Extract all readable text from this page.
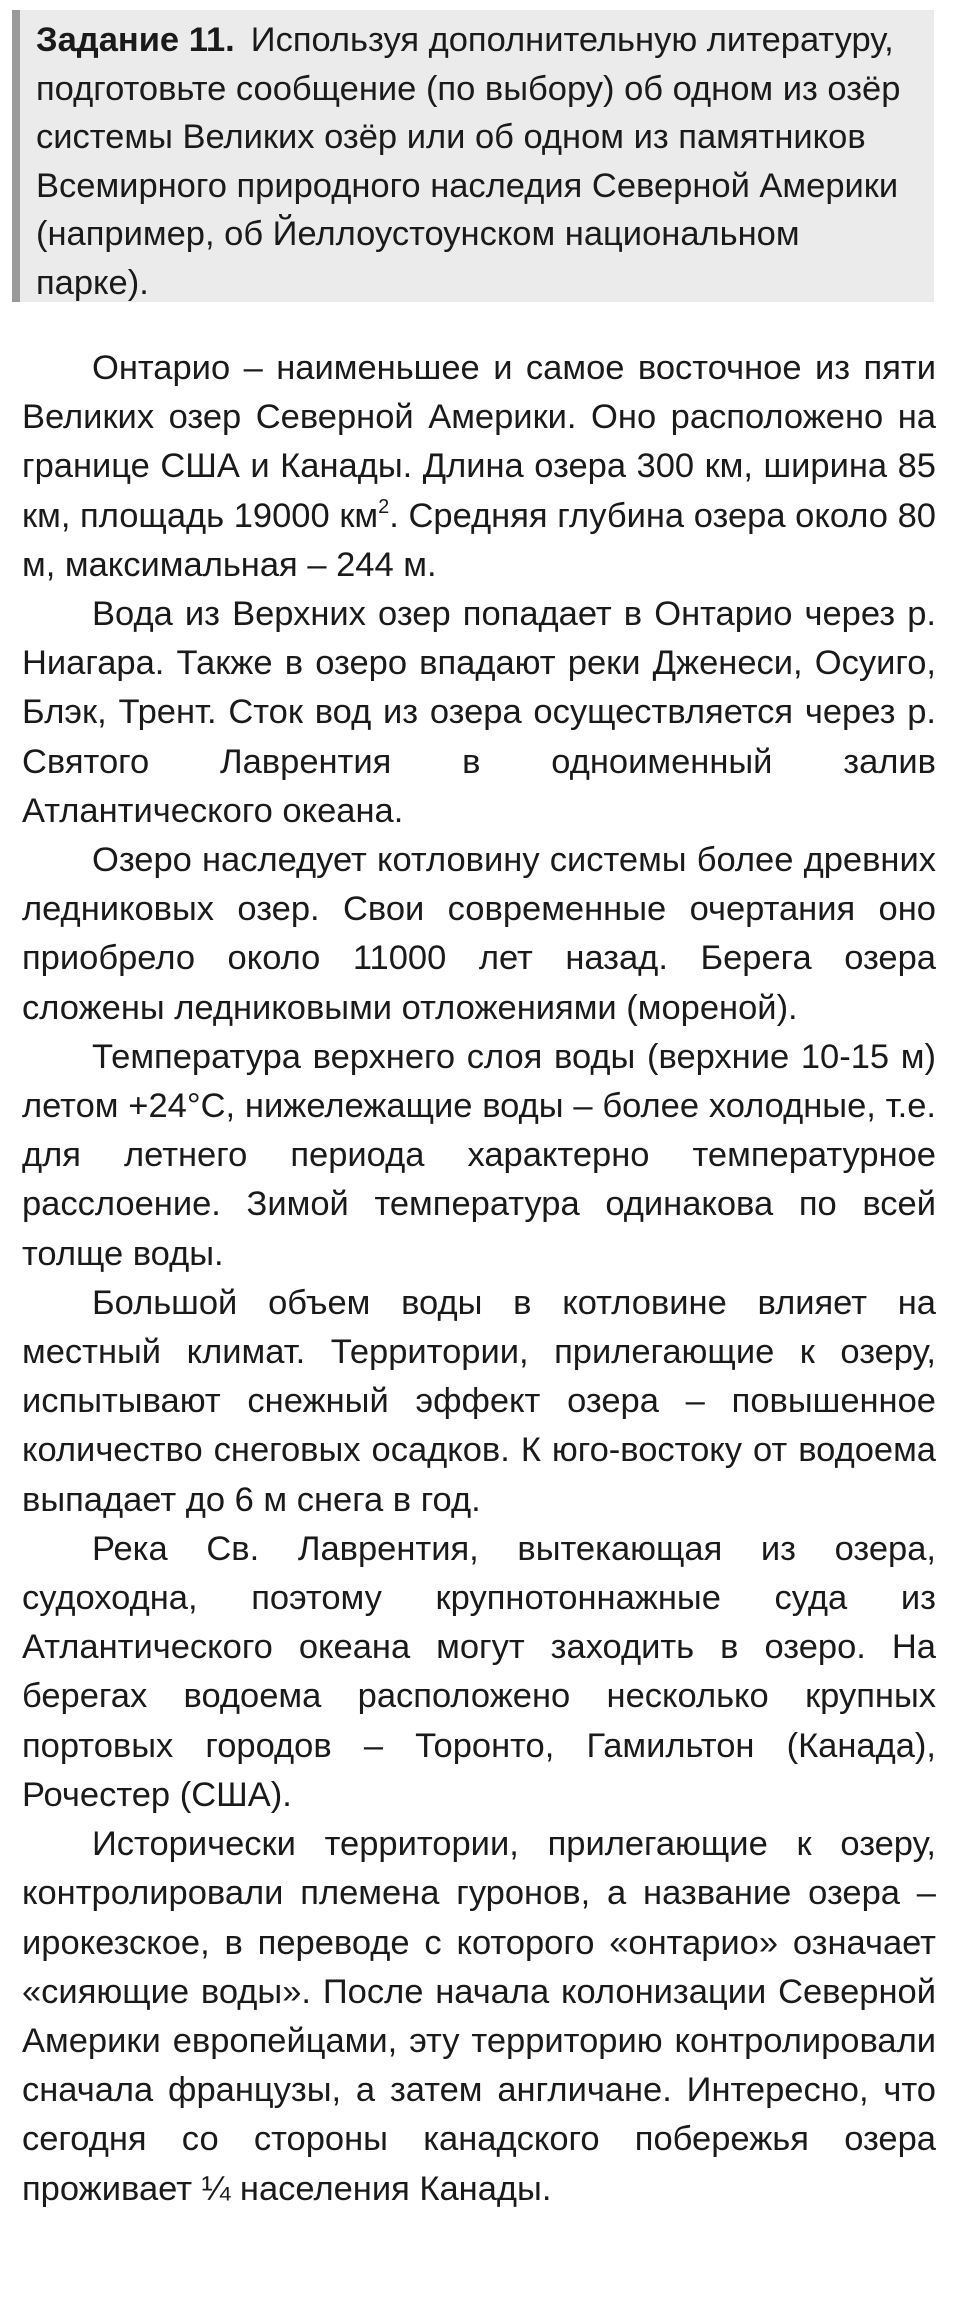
Задание 11. Используя дополнительную литературу, подготовьте сообщение (по выбору) об одном из озёр системы Великих озёр или об одном из памятников Всемирного природного наследия Северной Америки (например, об Йеллоустоунском национальном парке).

Онтарио – наименьшее и самое восточное из пяти Великих озер Северной Америки. Оно расположено на границе США и Канады. Длина озера 300 км, ширина 85 км, площадь 19000 $км^2$. Средняя глубина озера около 80 м, максимальная – 244 м.

Вода из Верхних озер попадает в Онтарио через р. Ниагара. Также в озеро впадают реки Дженеси, Осуиго, Блэк, Трент. Сток вод из озера осуществляется через р. Святого Лаврентия в одноименный залив Атлантического океана.

Озеро наследует котловину системы более древних ледниковых озер. Свои современные очертания оно приобрело около 11000 лет назад. Берега озера сложены ледниковыми отложениями (мореной).

Температура верхнего слоя воды (верхние 10-15 м) летом +24°С, нижележащие воды – более холодные, т.е. для летнего периода характерно температурное расслоение. Зимой температура одинакова по всей толще воды.

Большой объем воды в котловине влияет на местный климат. Территории, прилегающие к озеру, испытывают снежный эффект озера – повышенное количество снеговых осадков. К юго-востоку от водоема выпадает до 6 м снега в год.

Река Св. Лаврентия, вытекающая из озера, судоходна, поэтому крупнотоннажные суда из Атлантического океана могут заходить в озеро. На берегах водоема расположено несколько крупных портовых городов – Торонто, Гамильтон (Канада), Рочестер (США).

Исторически территории, прилегающие к озеру, контролировали племена гуронов, а название озера – ирокезское, в переводе с которого «онтарио» означает «сияющие воды». После начала колонизации Северной Америки европейцами, эту территорию контролировали сначала французы, а затем англичане. Интересно, что сегодня со стороны канадского побережья озера проживает ¼ населения Канады.
